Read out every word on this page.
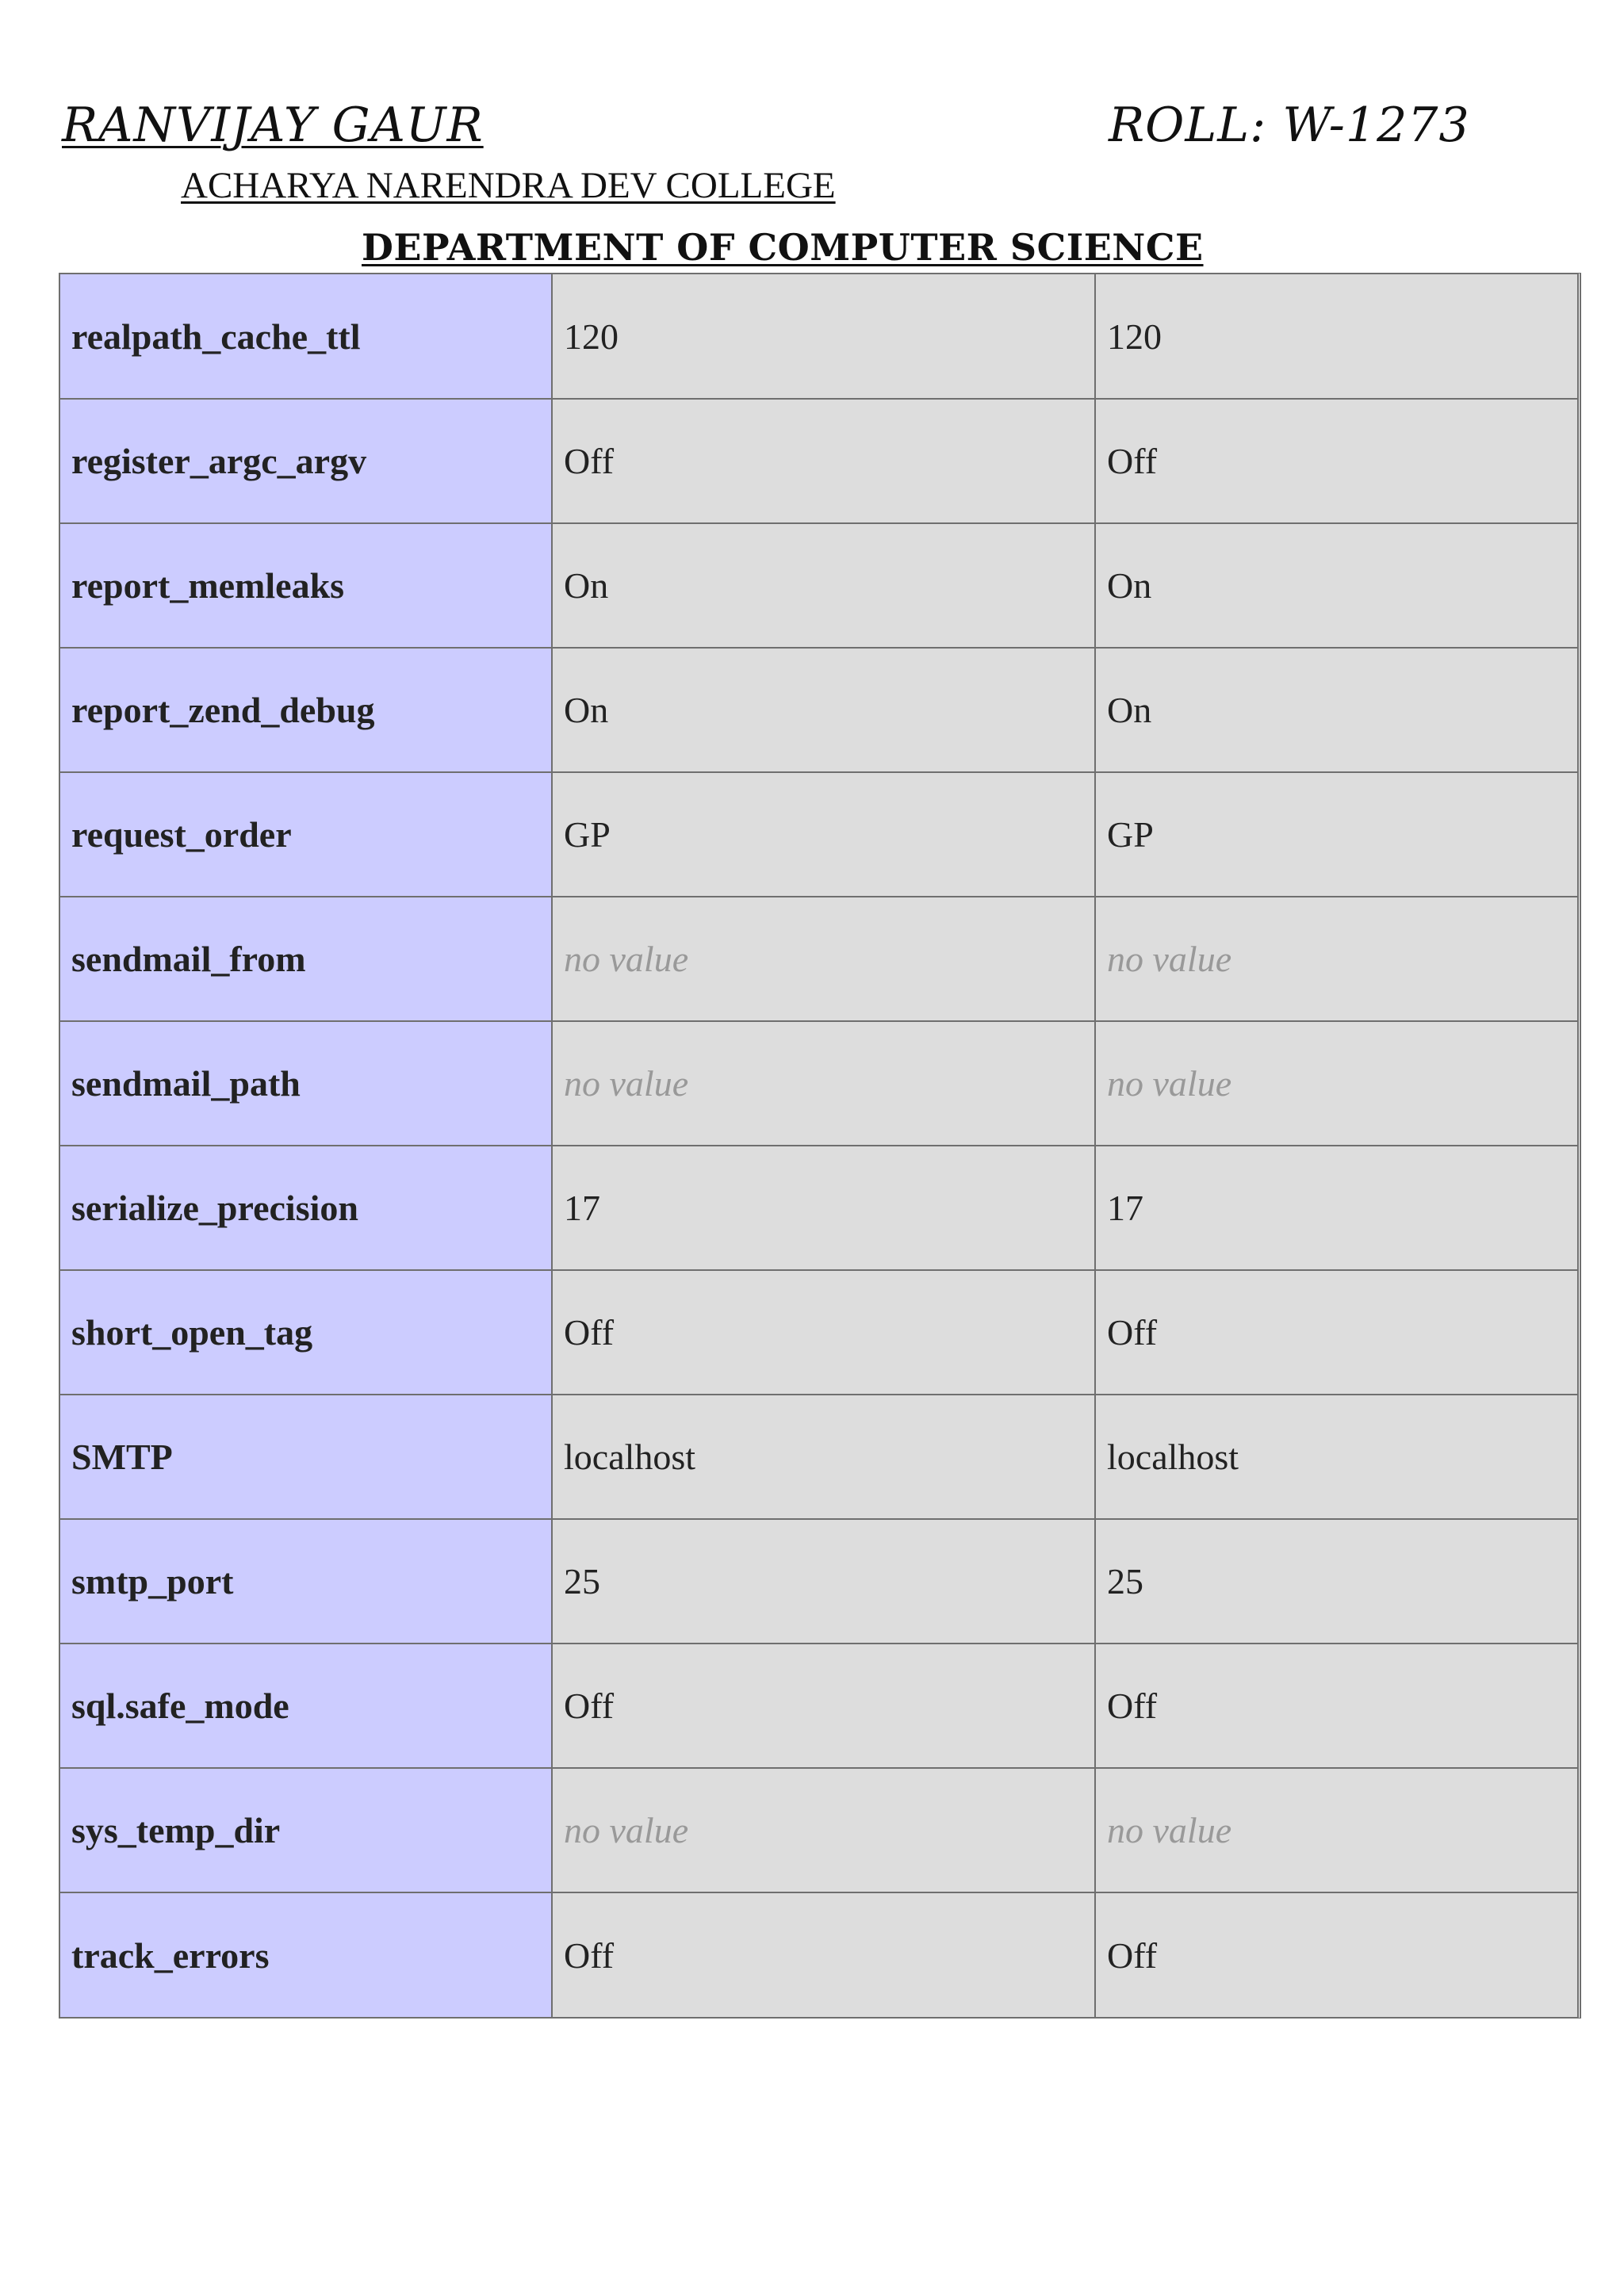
RANVIJAY GAUR	ROLL: W-1273
ACHARYA NARENDRA DEV COLLEGE
DEPARTMENT OF COMPUTER SCIENCE
realpath_cache_ttl	120	120
register_argc_argv	Off	Off
report_memleaks	On	On
report_zend_debug	On	On
request_order	GP	GP
sendmail_from	no value	no value
sendmail_path	no value	no value
serialize_precision	17	17
short_open_tag	Off	Off
SMTP	localhost	localhost
smtp_port	25	25
sql.safe_mode	Off	Off
sys_temp_dir	no value	no value
track_errors	Off	Off
